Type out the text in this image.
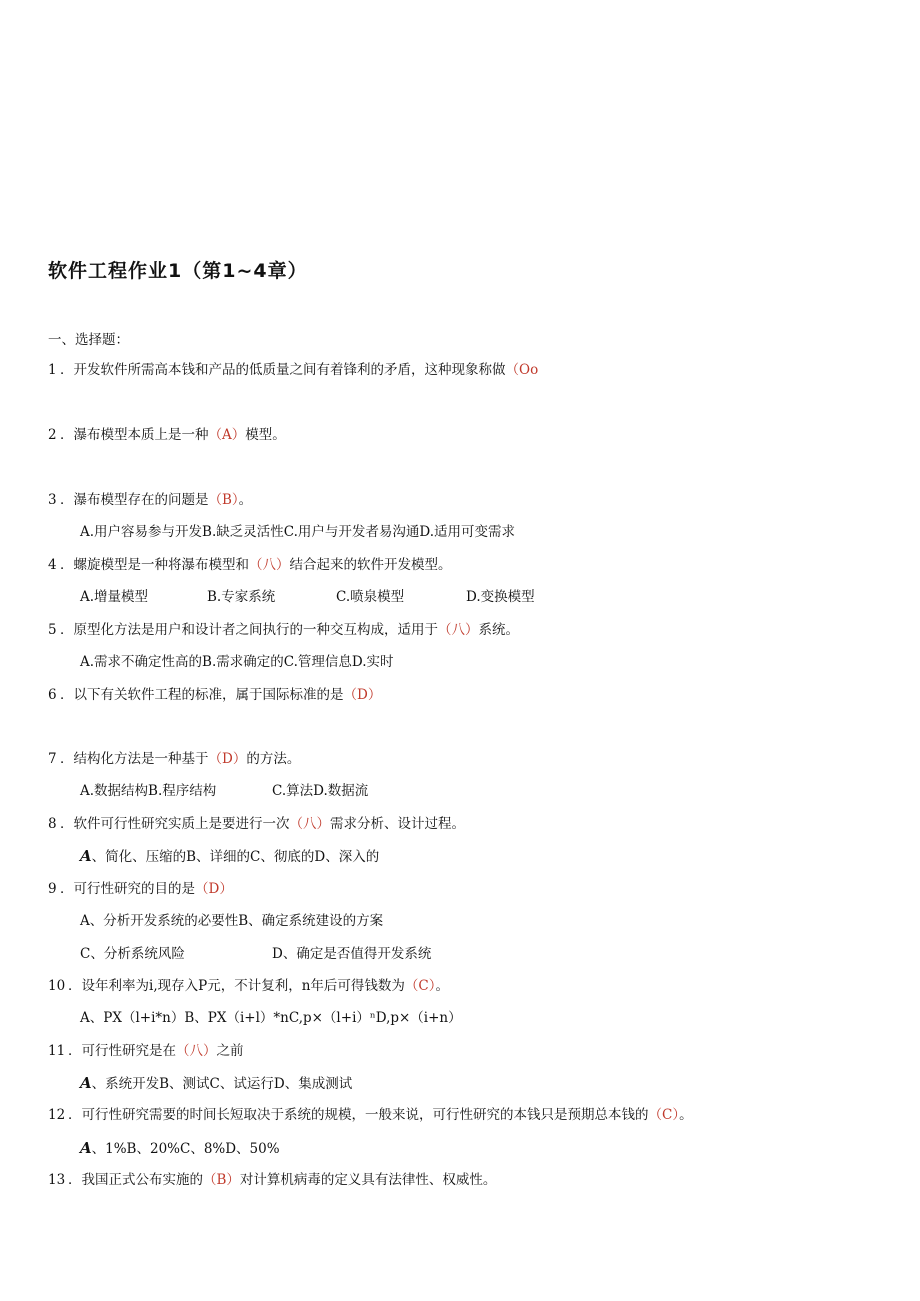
软件工程作业1（第1~4章）
一、选择题：
1 ．开发软件所需高本钱和产品的低质量之间有着锋利的矛盾，这种现象称做（Oo
2 ．瀑布模型本质上是一种（A）模型。
3 ．瀑布模型存在的问题是（B）。
A.用户容易参与开发B.缺乏灵活性C.用户与开发者易沟通D.适用可变需求
4 ．螺旋模型是一种将瀑布模型和（八）结合起来的软件开发模型。
A.增量模型	B.专家系统	C.喷泉模型	D.变换模型
5 ．原型化方法是用户和设计者之间执行的一种交互构成，适用于（八）系统。
A.需求不确定性高的B.需求确定的C.管理信息D.实时
6 ．以下有关软件工程的标准，属于国际标准的是（D）
7 ．结构化方法是一种基于（D）的方法。
A.数据结构B.程序结构	C.算法D.数据流
8 ．软件可行性研究实质上是要进行一次（八）需求分析、设计过程。
A、简化、压缩的B、详细的C、彻底的D、深入的
9 ．可行性研究的目的是（D）
A、分析开发系统的必要性B、确定系统建设的方案
C、分析系统风险	D、确定是否值得开发系统
10 ．设年利率为i,现存入P元，不计复利，n年后可得钱数为（C）。
A、PX（l+i*n）B、PX（i+l）*nC,p×（l+i）ⁿD,p×（i+n）
11 ．可行性研究是在（八）之前
A、系统开发B、测试C、试运行D、集成测试
12 ．可行性研究需要的时间长短取决于系统的规模，一般来说，可行性研究的本钱只是预期总本钱的（C）。
A、1%B、20%C、8%D、50%
13 ．我国正式公布实施的（B）对计算机病毒的定义具有法律性、权威性。
